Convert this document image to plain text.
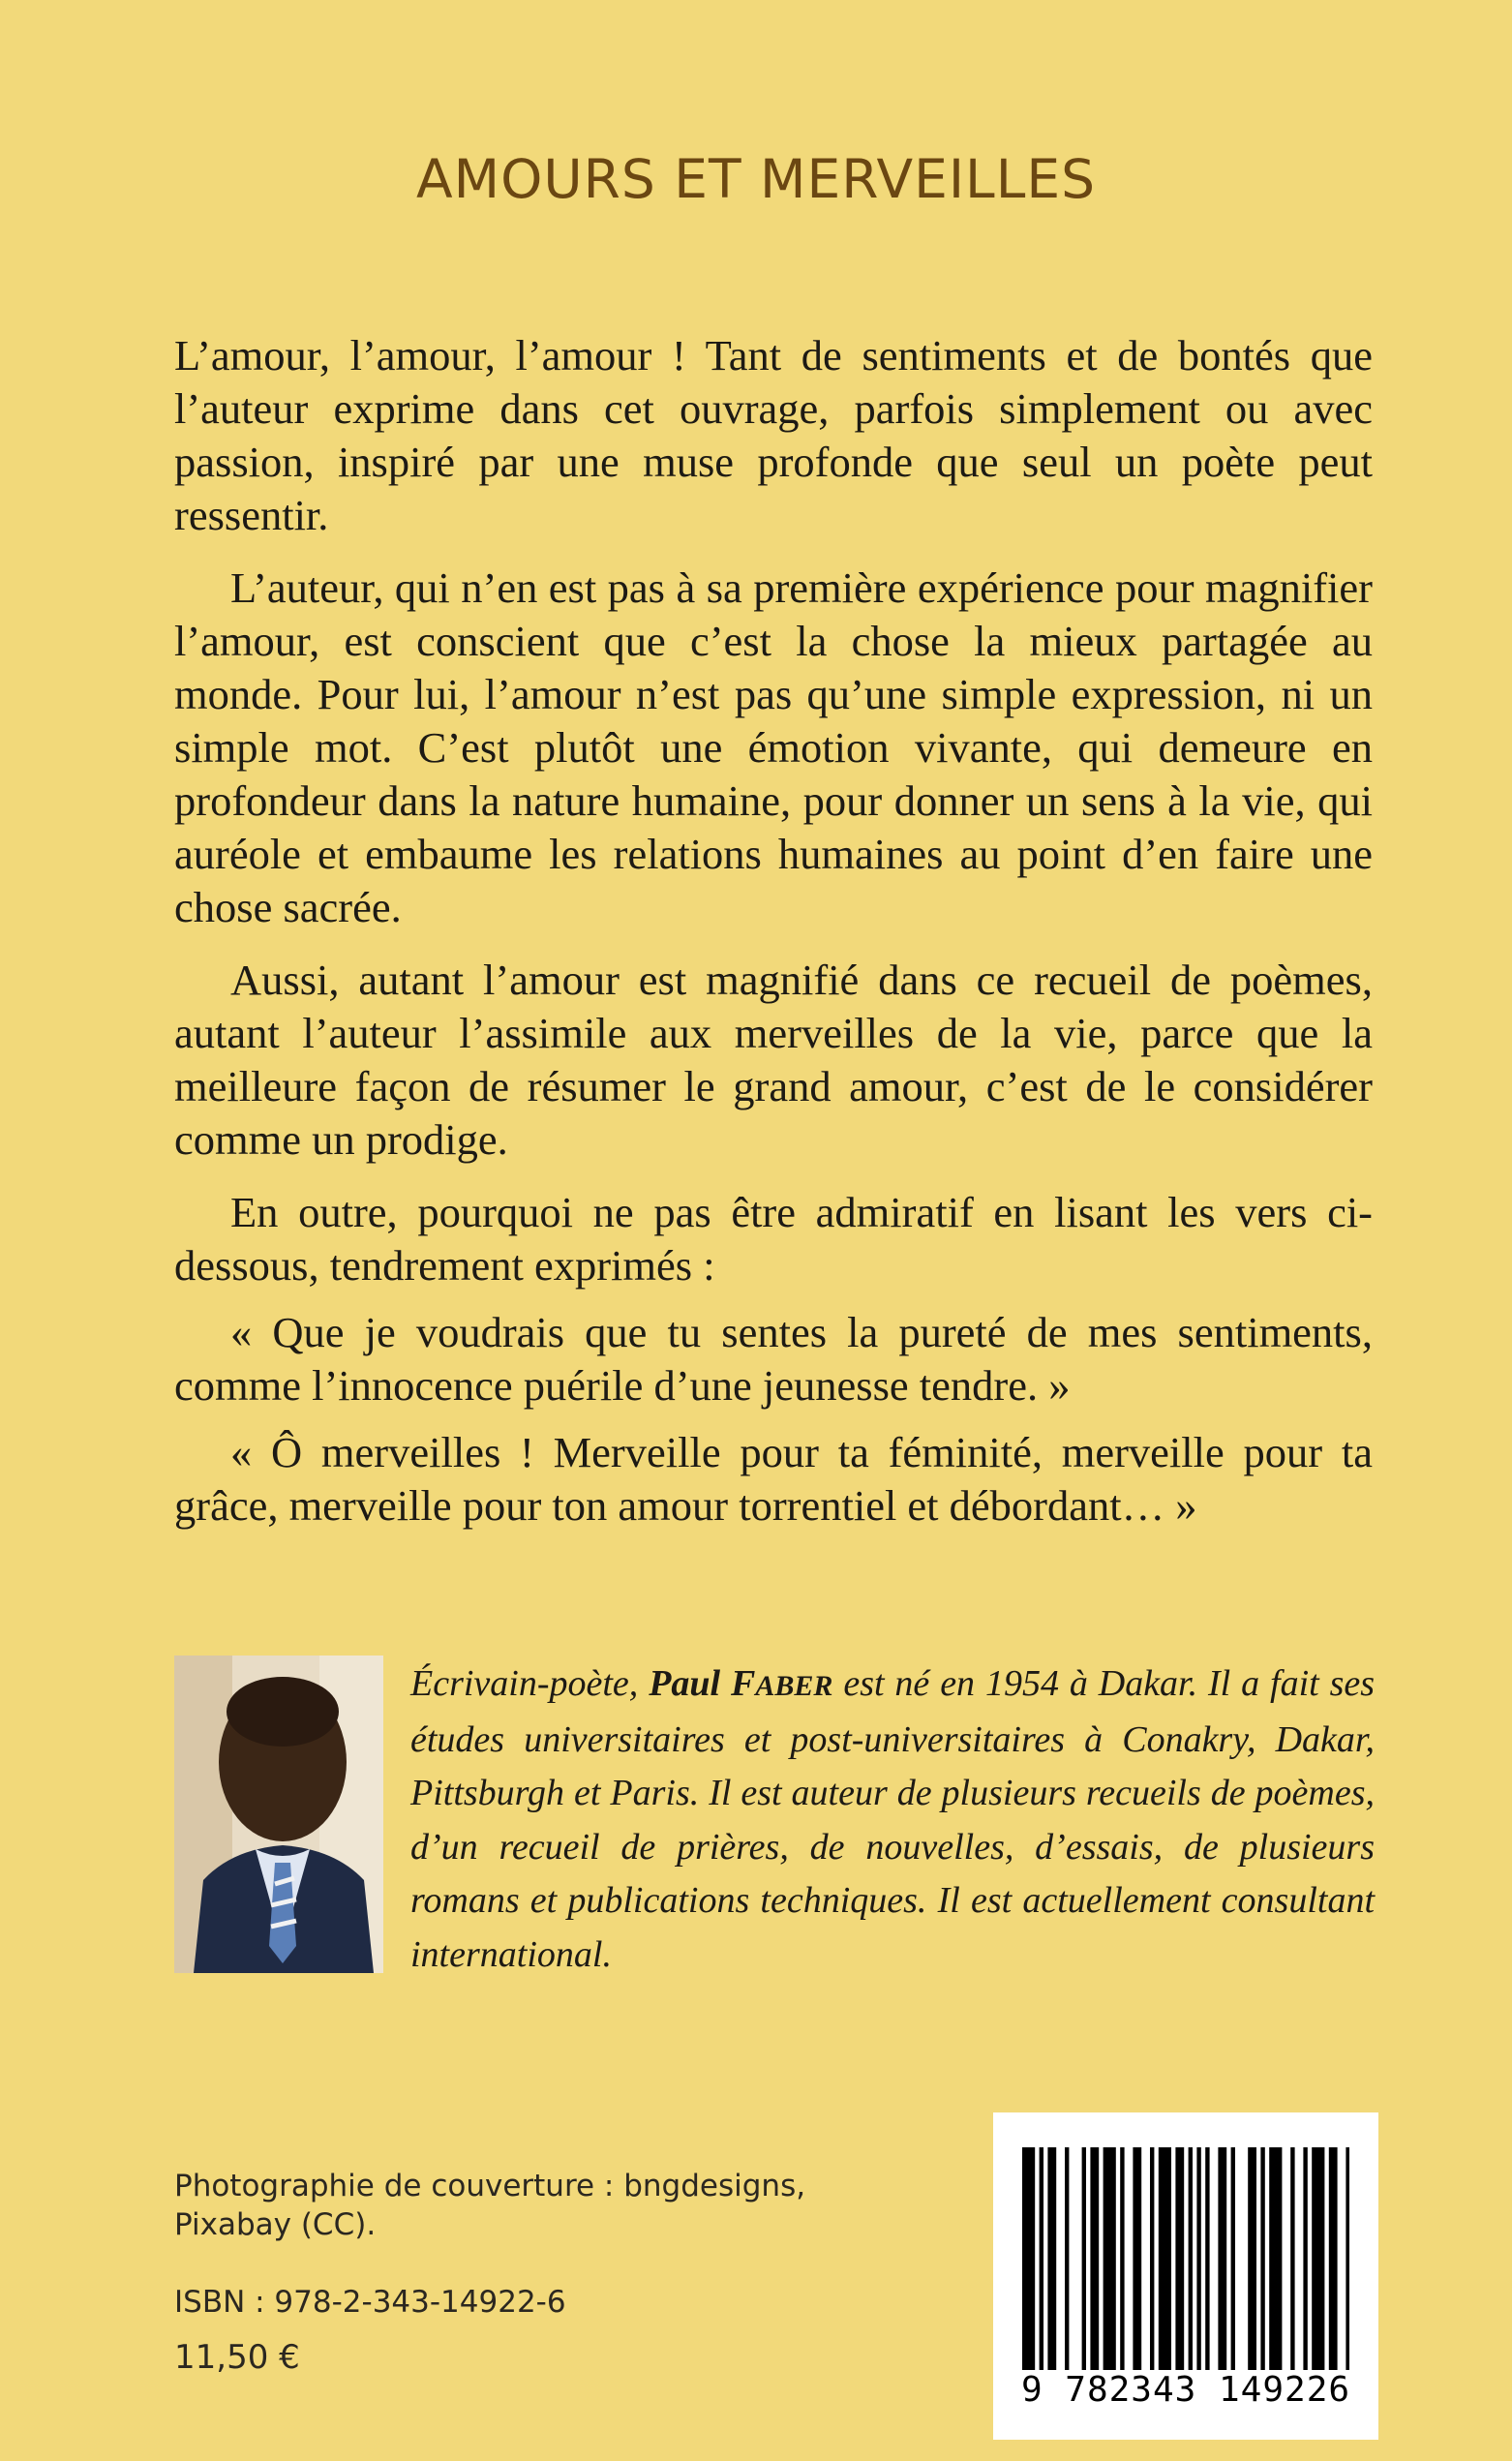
AMOURS ET MERVEILLES

L’amour, l’amour, l’amour ! Tant de sentiments et de bontés que l’auteur exprime dans cet ouvrage, parfois simplement ou avec passion, inspiré par une muse profonde que seul un poète peut ressentir.

L’auteur, qui n’en est pas à sa première expérience pour magnifier l’amour, est conscient que c’est la chose la mieux partagée au monde. Pour lui, l’amour n’est pas qu’une simple expression, ni un simple mot. C’est plutôt une émotion vivante, qui demeure en profondeur dans la nature humaine, pour donner un sens à la vie, qui auréole et embaume les relations humaines au point d’en faire une chose sacrée.

Aussi, autant l’amour est magnifié dans ce recueil de poèmes, autant l’auteur l’assimile aux merveilles de la vie, parce que la meilleure façon de résumer le grand amour, c’est de le considérer comme un prodige.

En outre, pourquoi ne pas être admiratif en lisant les vers ci-dessous, tendrement exprimés :

« Que je voudrais que tu sentes la pureté de mes sentiments, comme l’innocence puérile d’une jeunesse tendre. »

« Ô merveilles ! Merveille pour ta féminité, merveille pour ta grâce, merveille pour ton amour torrentiel et débordant… »

Écrivain-poète, Paul FABER est né en 1954 à Dakar. Il a fait ses études universitaires et post-universitaires à Conakry, Dakar, Pittsburgh et Paris. Il est auteur de plusieurs recueils de poèmes, d’un recueil de prières, de nouvelles, d’essais, de plusieurs romans et publications techniques. Il est actuellement consultant international.
Photographie de couverture : bngdesigns,
Pixabay (CC).
ISBN : 978-2-343-14922-6
11,50 €
9 782343 149226
